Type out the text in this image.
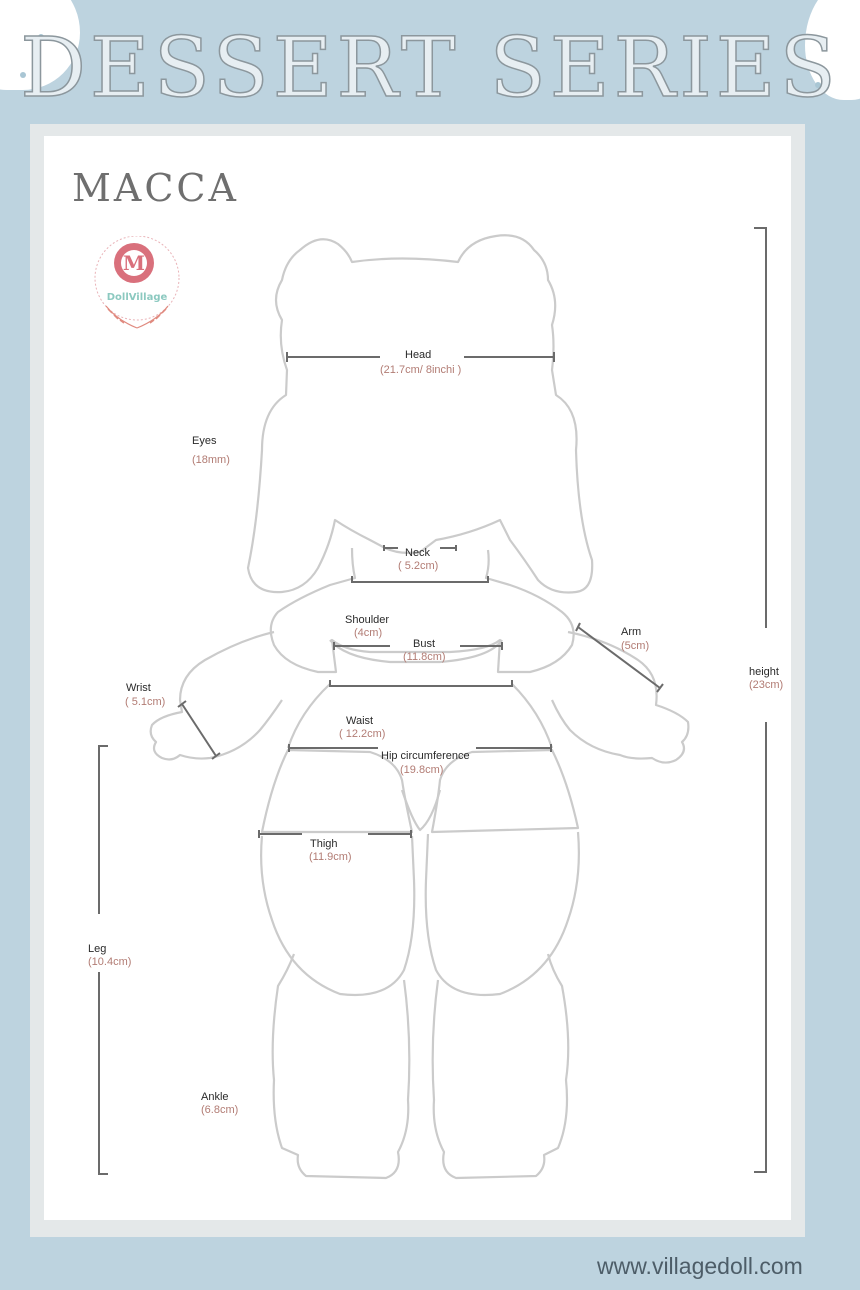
DESSERT SERIES
MACCA
M
DollVillage
Head
(21.7cm/ 8inchi )
Eyes
(18mm)
Neck
( 5.2cm)
Shoulder
(4cm)
Bust
(11.8cm)
Arm
(5cm)
Wrist
( 5.1cm)
Waist
( 12.2cm)
Hip circumference
(19.8cm)
Thigh
(11.9cm)
height
(23cm)
Leg
(10.4cm)
Ankle
(6.8cm)
www.villagedoll.com
